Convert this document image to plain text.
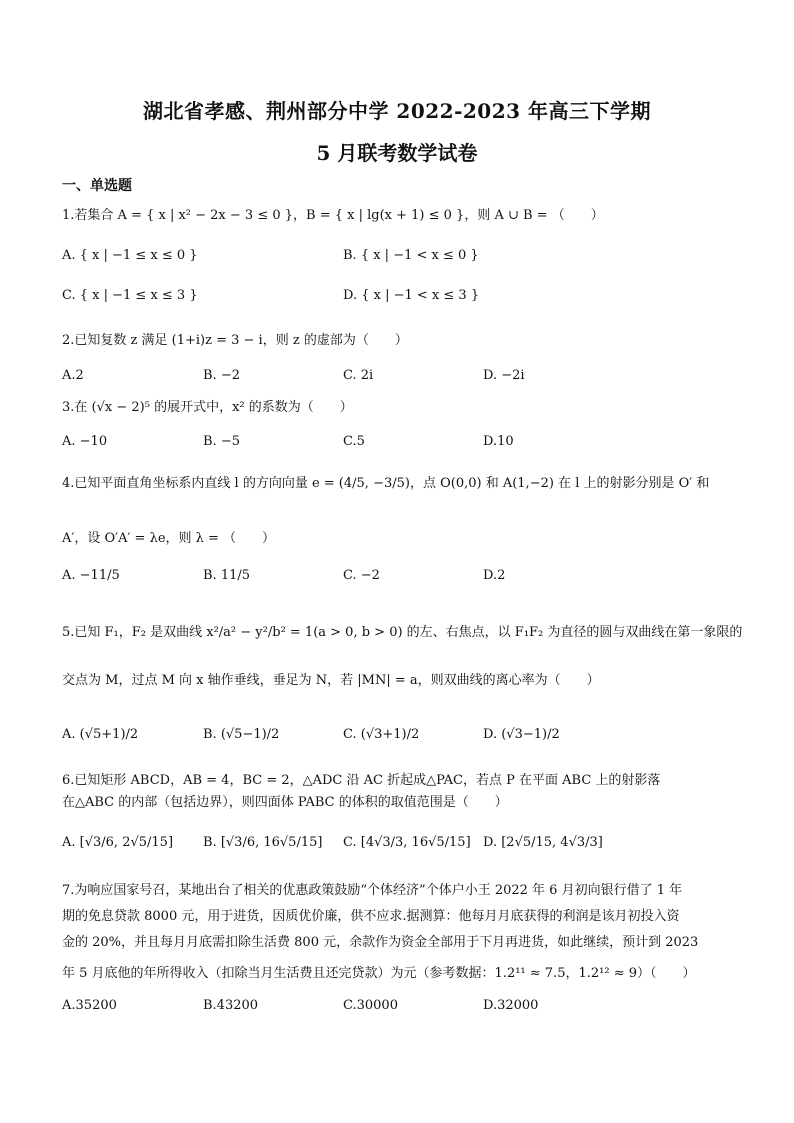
湖北省孝感、荆州部分中学 2022-2023 年高三下学期
5 月联考数学试卷
一、单选题
1.若集合 A = { x | x² − 2x − 3 ≤ 0 }，B = { x | lg(x + 1) ≤ 0 }，则 A ∪ B = （　　）
A. { x | −1 ≤ x ≤ 0 }	B. { x | −1 < x ≤ 0 }
C. { x | −1 ≤ x ≤ 3 }	D. { x | −1 < x ≤ 3 }
2.已知复数 z 满足 (1+i)z = 3 − i，则 z 的虚部为（　　）
A.2	B. −2	C. 2i	D. −2i
3.在 (√x − 2)⁵ 的展开式中，x² 的系数为（　　）
A. −10	B. −5	C.5	D.10
4.已知平面直角坐标系内直线 l 的方向向量 e = (4/5, −3/5)，点 O(0,0) 和 A(1,−2) 在 l 上的射影分别是 O′ 和
A′，设 O′A′ = λe，则 λ = （　　）
A. −11/5	B. 11/5	C. −2	D.2
5.已知 F₁，F₂ 是双曲线 x²/a² − y²/b² = 1(a > 0, b > 0) 的左、右焦点，以 F₁F₂ 为直径的圆与双曲线在第一象限的
交点为 M，过点 M 向 x 轴作垂线，垂足为 N，若 |MN| = a，则双曲线的离心率为（　　）
A. (√5+1)/2	B. (√5−1)/2	C. (√3+1)/2	D. (√3−1)/2
6.已知矩形 ABCD，AB = 4，BC = 2，△ADC 沿 AC 折起成△PAC，若点 P 在平面 ABC 上的射影落
在△ABC 的内部（包括边界），则四面体 PABC 的体积的取值范围是（　　）
A. [√3/6, 2√5/15] B. [√3/6, 16√5/15] C. [4√3/3, 16√5/15] D. [2√5/15, 4√3/3]
7.为响应国家号召，某地出台了相关的优惠政策鼓励“个体经济”个体户小王 2022 年 6 月初向银行借了 1 年
期的免息贷款 8000 元，用于进货，因质优价廉，供不应求.据测算：他每月月底获得的利润是该月初投入资
金的 20%，并且每月月底需扣除生活费 800 元，余款作为资金全部用于下月再进货，如此继续，预计到 2023
年 5 月底他的年所得收入（扣除当月生活费且还完贷款）为元（参考数据：1.2¹¹ ≈ 7.5，1.2¹² ≈ 9）（　　）
A.35200	B.43200	C.30000	D.32000
